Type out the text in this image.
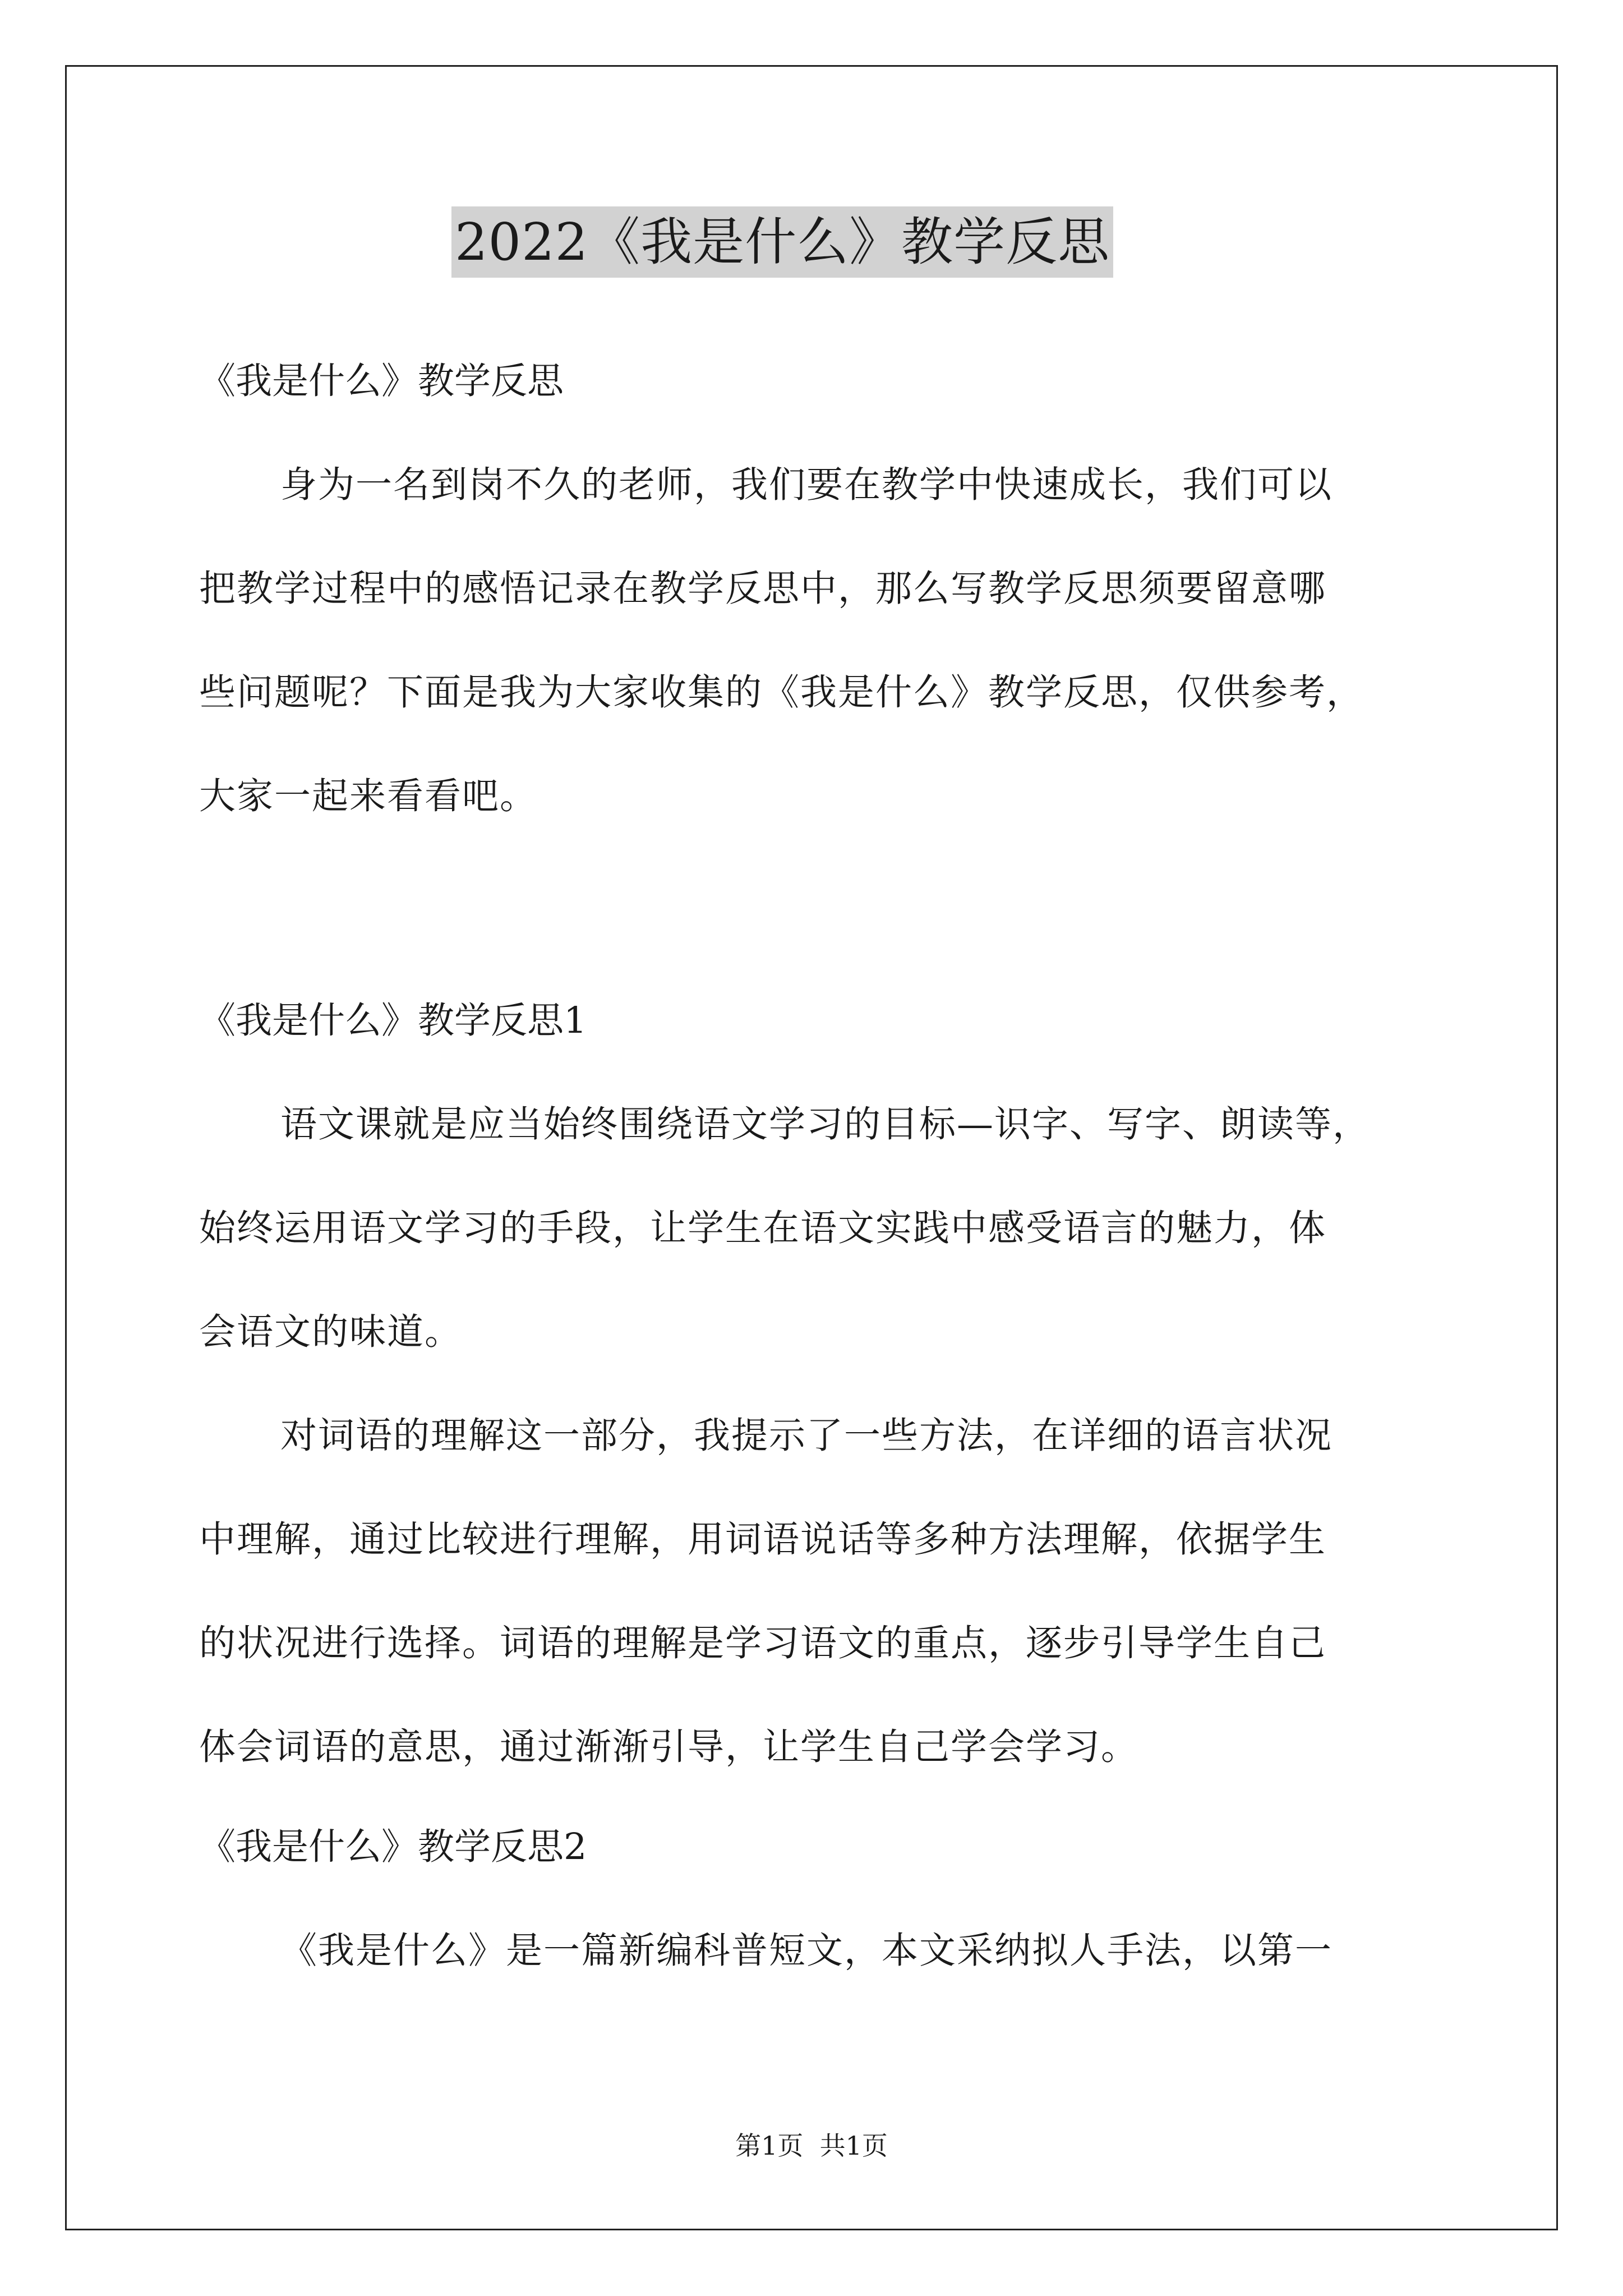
2022《我是什么》教学反思
《我是什么》教学反思
身为一名到岗不久的老师，我们要在教学中快速成长，我们可以
把教学过程中的感悟记录在教学反思中，那么写教学反思须要留意哪
些问题呢？下面是我为大家收集的《我是什么》教学反思，仅供参考，
大家一起来看看吧。
《我是什么》教学反思1
语文课就是应当始终围绕语文学习的目标—识字、写字、朗读等，
始终运用语文学习的手段，让学生在语文实践中感受语言的魅力，体
会语文的味道。
对词语的理解这一部分，我提示了一些方法，在详细的语言状况
中理解，通过比较进行理解，用词语说话等多种方法理解，依据学生
的状况进行选择。词语的理解是学习语文的重点，逐步引导学生自己
体会词语的意思，通过渐渐引导，让学生自己学会学习。
《我是什么》教学反思2
《我是什么》是一篇新编科普短文，本文采纳拟人手法，以第一
第1页  共1页
